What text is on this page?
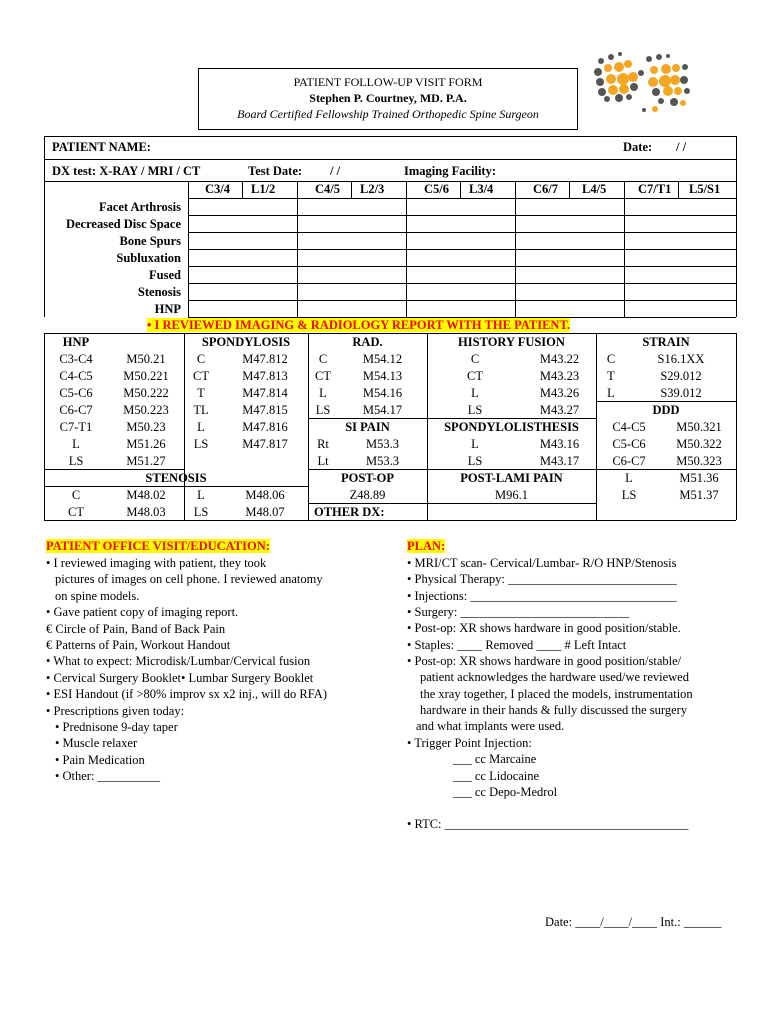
PATIENT FOLLOW-UP VISIT FORM
Stephen P. Courtney, MD. P.A.
Board Certified Fellowship Trained Orthopedic Spine Surgeon
PATIENT NAME:	Date: / /
DX test: X-RAY / MRI / CT	Test Date: / /	Imaging Facility:
C3/4 L1/2	C4/5 L2/3	C5/6 L3/4	C6/7 L4/5	C7/T1 L5/S1
Facet Arthrosis
Decreased Disc Space
Bone Spurs
Subluxation
Fused
Stenosis
HNP
• I REVIEWED IMAGING & RADIOLOGY REPORT WITH THE PATIENT.
HNP
C3-C4	M50.21
C4-C5	M50.221
C5-C6	M50.222
C6-C7	M50.223
C7-T1	M50.23
L	M51.26
LS	M51.27
SPONDYLOSIS
C	M47.812
CT	M47.813
T	M47.814
TL	M47.815
L	M47.816
LS	M47.817
RAD.
C	M54.12
CT	M54.13
L	M54.16
LS	M54.17
SI PAIN
Rt	M53.3
Lt	M53.3
POST-OP
Z48.89
OTHER DX:
HISTORY FUSION
C	M43.22
CT	M43.23
L	M43.26
LS	M43.27
SPONDYLOLISTHESIS
L	M43.16
LS	M43.17
POST-LAMI PAIN
M96.1
STRAIN
C	S16.1XX
T	S29.012
L	S39.012
DDD
C4-C5	M50.321
C5-C6	M50.322
C6-C7	M50.323
L	M51.36
LS	M51.37
STENOSIS
C	M48.02	L	M48.06
CT	M48.03	LS	M48.07
PATIENT OFFICE VISIT/EDUCATION:
• I reviewed imaging with patient, they took
pictures of images on cell phone. I reviewed anatomy
on spine models.
• Gave patient copy of imaging report.
€ Circle of Pain, Band of Back Pain
€ Patterns of Pain, Workout Handout
• What to expect: Microdisk/Lumbar/Cervical fusion
• Cervical Surgery Booklet• Lumbar Surgery Booklet
• ESI Handout (if >80% improv sx x2 inj., will do RFA)
• Prescriptions given today:
• Prednisone 9-day taper
• Muscle relaxer
• Pain Medication
• Other: __________
PLAN:
• MRI/CT scan- Cervical/Lumbar- R/O HNP/Stenosis
• Physical Therapy: ___________________________
• Injections: _________________________________
• Surgery: ___________________________
• Post-op: XR shows hardware in good position/stable.
• Staples: ____ Removed ____ # Left Intact
• Post-op: XR shows hardware in good position/stable/
patient acknowledges the hardware used/we reviewed
the xray together, I placed the models, instrumentation
hardware in their hands & fully discussed the surgery
and what implants were used.
• Trigger Point Injection:
___ cc Marcaine
___ cc Lidocaine
___ cc Depo-Medrol
• RTC: _______________________________________
Date: ____/____/____ Int.: ______
